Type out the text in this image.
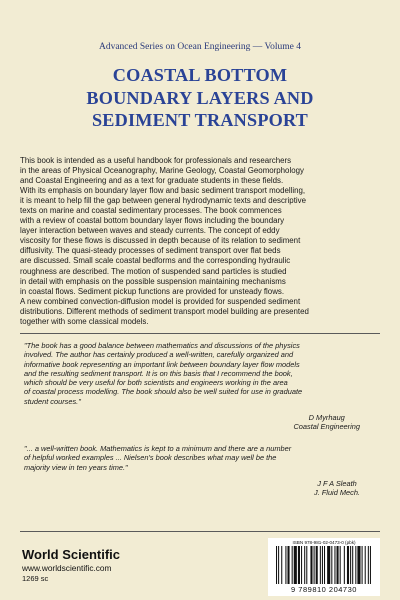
Advanced Series on Ocean Engineering — Volume 4
COASTAL BOTTOM
BOUNDARY LAYERS AND
SEDIMENT TRANSPORT
This book is intended as a useful handbook for professionals and researchers
in the areas of Physical Oceanography, Marine Geology, Coastal Geomorphology
and Coastal Engineering and as a text for graduate students in these fields.
With its emphasis on boundary layer flow and basic sediment transport modelling,
it is meant to help fill the gap between general hydrodynamic texts and descriptive
texts on marine and coastal sedimentary processes. The book commences
with a review of coastal bottom boundary layer flows including the boundary
layer interaction between waves and steady currents. The concept of eddy
viscosity for these flows is discussed in depth because of its relation to sediment
diffusivity. The quasi-steady processes of sediment transport over flat beds
are discussed. Small scale coastal bedforms and the corresponding hydraulic
roughness are described. The motion of suspended sand particles is studied
in detail with emphasis on the possible suspension maintaining mechanisms
in coastal flows. Sediment pickup functions are provided for unsteady flows.
A new combined convection-diffusion model is provided for suspended sediment
distributions. Different methods of sediment transport model building are presented
together with some classical models.
"The book has a good balance between mathematics and discussions of the physics
involved. The author has certainly produced a well-written, carefully organized and
informative book representing an important link between boundary layer flow models
and the resulting sediment transport. It is on this basis that I recommend the book,
which should be very useful for both scientists and engineers working in the area
of coastal process modelling. The book should also be well suited for use in graduate
student courses."
D Myrhaug
Coastal Engineering
"... a well-written book. Mathematics is kept to a minimum and there are a number
of helpful worked examples ... Nielsen's book describes what may well be the
majority view in ten years time."
J F A Sleath
J. Fluid Mech.
World Scientific
www.worldscientific.com
1269 sc
ISBN 978-981-02-0473-0 (pbk)
9 789810 204730
